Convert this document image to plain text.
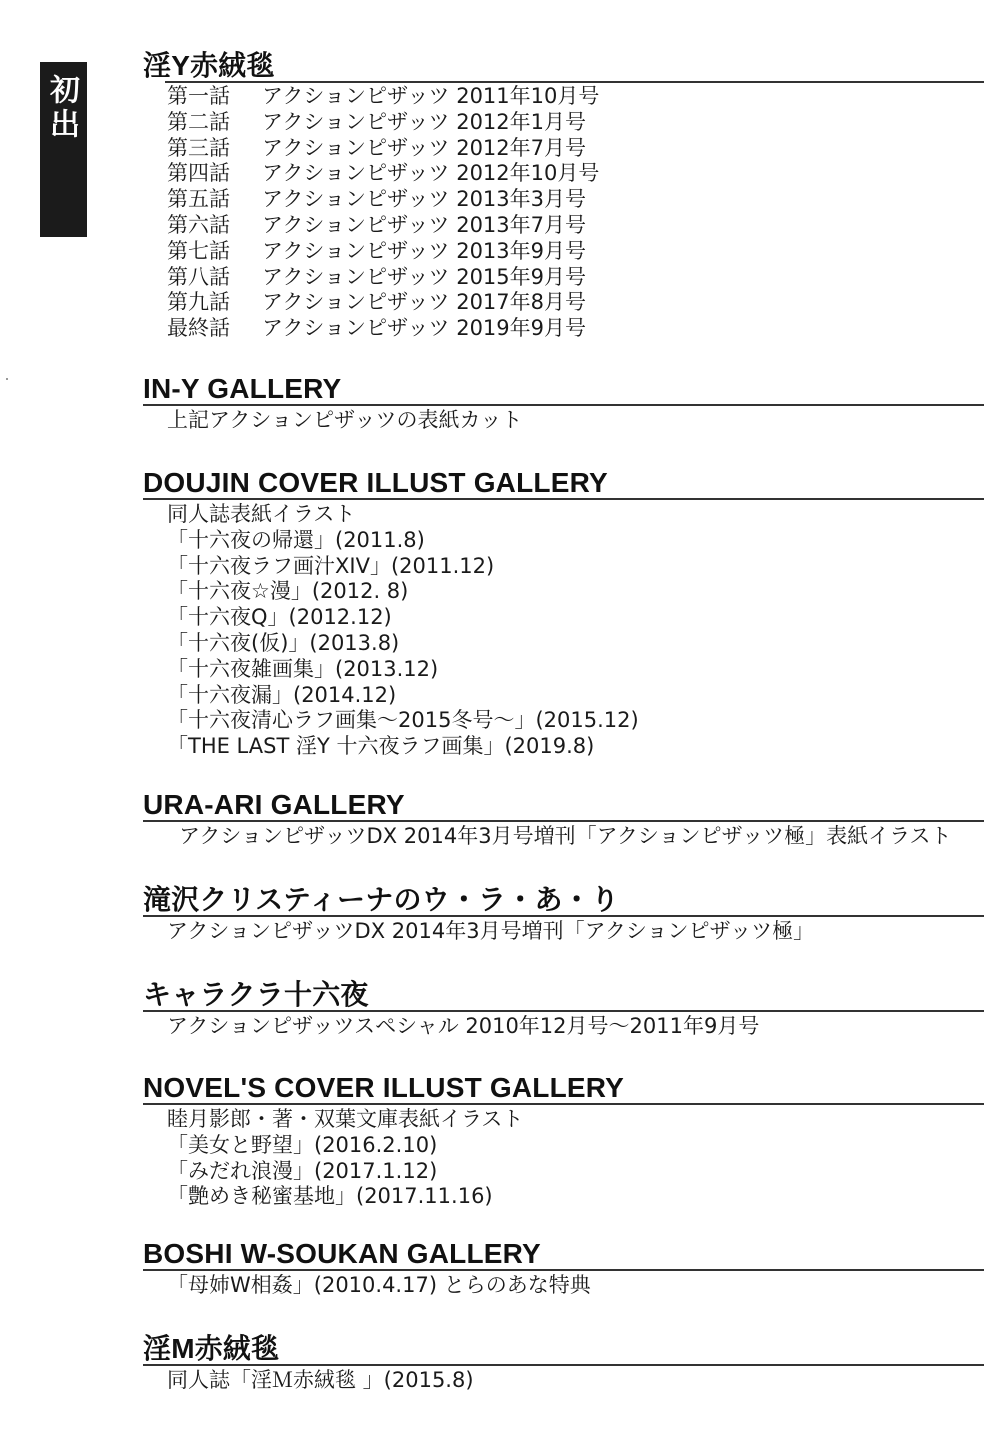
初出
淫Y赤絨毯
第一話 アクションピザッツ 2011年10月号
第二話 アクションピザッツ 2012年1月号
第三話 アクションピザッツ 2012年7月号
第四話 アクションピザッツ 2012年10月号
第五話 アクションピザッツ 2013年3月号
第六話 アクションピザッツ 2013年7月号
第七話 アクションピザッツ 2013年9月号
第八話 アクションピザッツ 2015年9月号
第九話 アクションピザッツ 2017年8月号
最終話 アクションピザッツ 2019年9月号
IN-Y GALLERY
上記アクションピザッツの表紙カット
DOUJIN COVER ILLUST GALLERY
同人誌表紙イラスト
「十六夜の帰還」(2011.8)
「十六夜ラフ画汁XIV」(2011.12)
「十六夜☆漫」(2012. 8)
「十六夜Q」(2012.12)
「十六夜(仮)」(2013.8)
「十六夜雑画集」(2013.12)
「十六夜漏」(2014.12)
「十六夜清心ラフ画集〜2015冬号〜」(2015.12)
「THE LAST 淫Y 十六夜ラフ画集」(2019.8)
URA-ARI GALLERY
アクションピザッツDX 2014年3月号増刊「アクションピザッツ極」表紙イラスト
滝沢クリスティーナのウ・ラ・あ・り
アクションピザッツDX 2014年3月号増刊「アクションピザッツ極」
キャラクラ十六夜
アクションピザッツスペシャル 2010年12月号〜2011年9月号
NOVEL'S COVER ILLUST GALLERY
睦月影郎・著・双葉文庫表紙イラスト
「美女と野望」(2016.2.10)
「みだれ浪漫」(2017.1.12)
「艶めき秘蜜基地」(2017.11.16)
BOSHI W-SOUKAN GALLERY
「母姉W相姦」(2010.4.17) とらのあな特典
淫M赤絨毯
同人誌「淫Ｍ赤絨毯 」(2015.8)
